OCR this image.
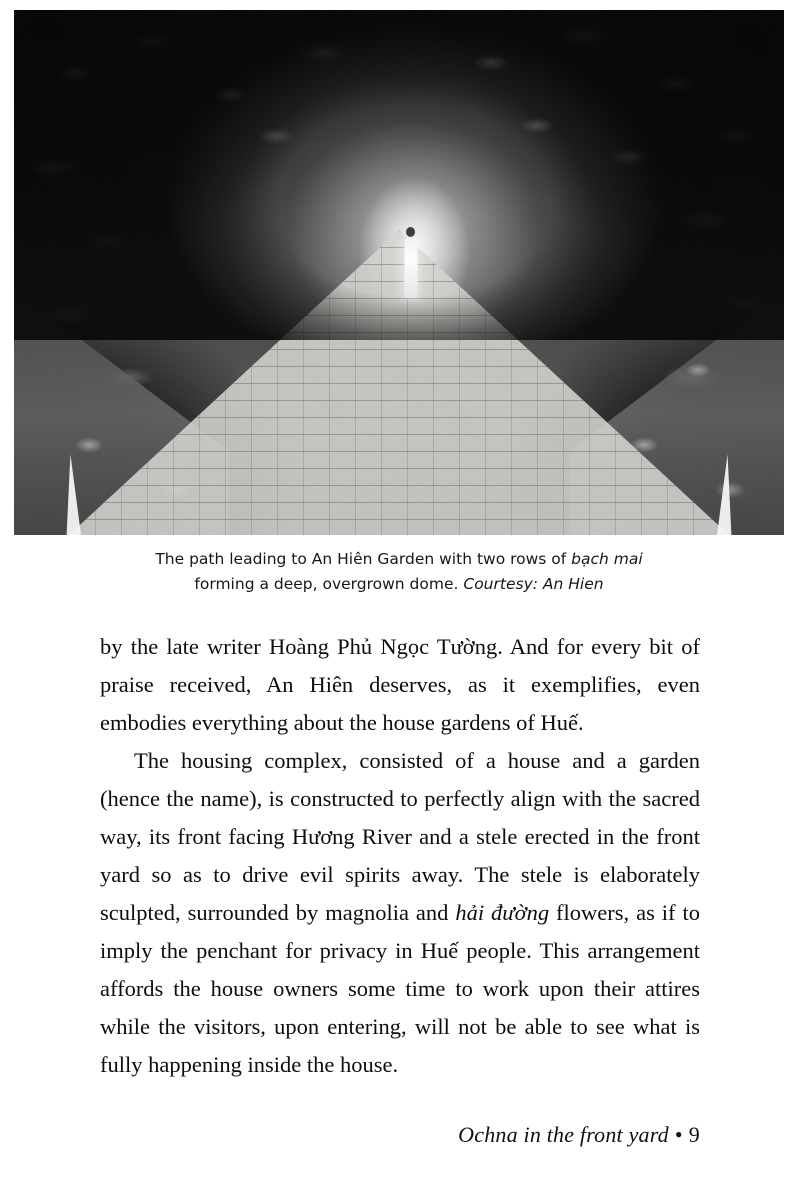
The path leading to An Hiên Garden with two rows of bạch mai
forming a deep, overgrown dome. Courtesy: An Hien

by the late writer Hoàng Phủ Ngọc Tường. And for every bit of praise received, An Hiên deserves, as it exemplifies, even embodies everything about the house gardens of Huế.

The housing complex, consisted of a house and a garden (hence the name), is constructed to perfectly align with the sacred way, its front facing Hương River and a stele erected in the front yard so as to drive evil spirits away. The stele is elaborately sculpted, surrounded by magnolia and hải đường flowers, as if to imply the penchant for privacy in Huế people. This arrangement affords the house owners some time to work upon their attires while the visitors, upon entering, will not be able to see what is fully happening inside the house.

Ochna in the front yard • 9
